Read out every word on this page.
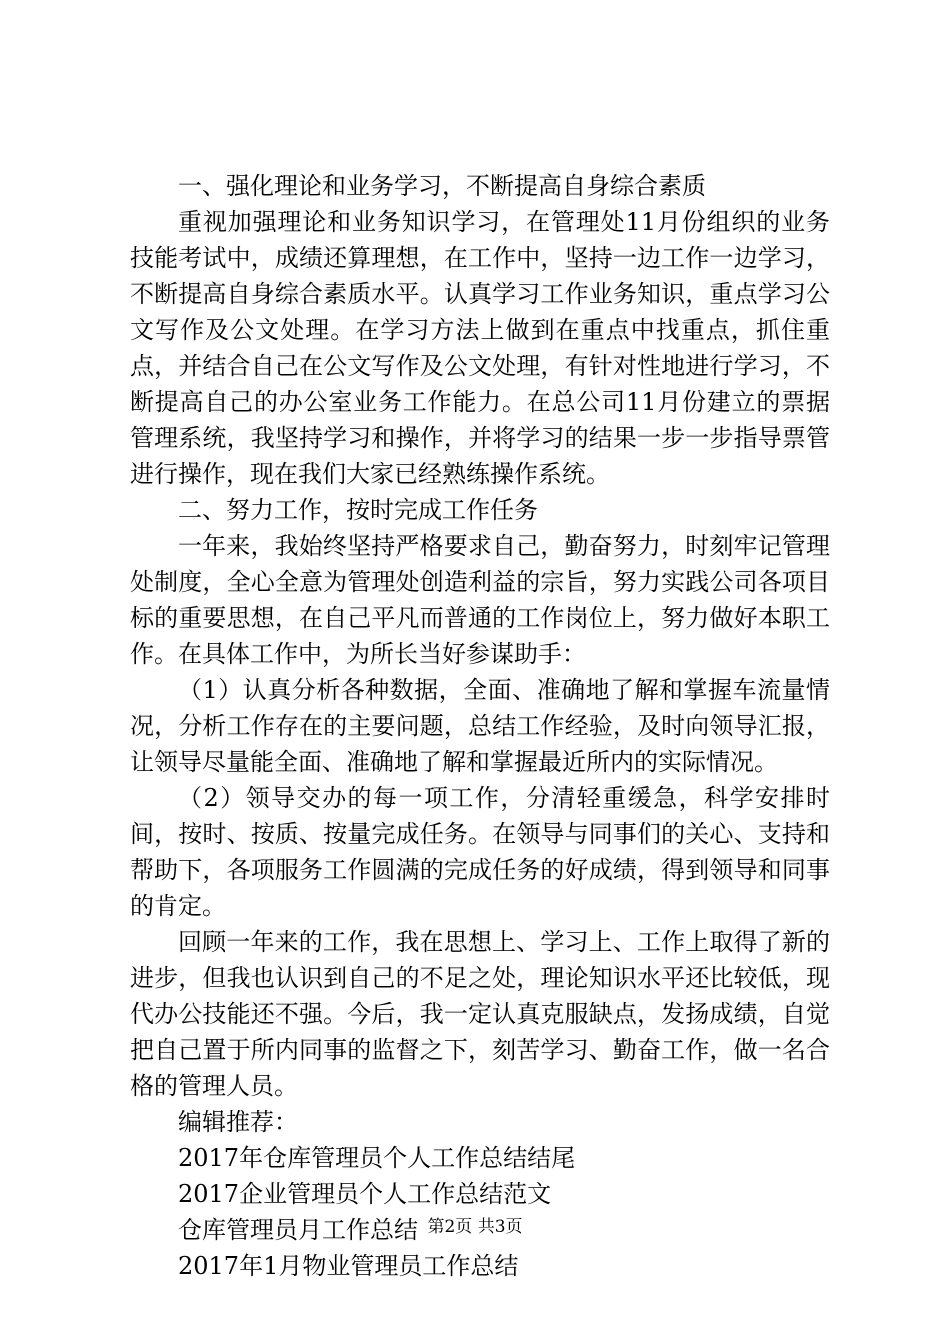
一、强化理论和业务学习，不断提高自身综合素质

重视加强理论和业务知识学习，在管理处11月份组织的业务技能考试中，成绩还算理想，在工作中，坚持一边工作一边学习，不断提高自身综合素质水平。认真学习工作业务知识，重点学习公文写作及公文处理。在学习方法上做到在重点中找重点，抓住重点，并结合自己在公文写作及公文处理，有针对性地进行学习，不断提高自己的办公室业务工作能力。在总公司11月份建立的票据管理系统，我坚持学习和操作，并将学习的结果一步一步指导票管进行操作，现在我们大家已经熟练操作系统。

二、努力工作，按时完成工作任务

一年来，我始终坚持严格要求自己，勤奋努力，时刻牢记管理处制度，全心全意为管理处创造利益的宗旨，努力实践公司各项目标的重要思想，在自己平凡而普通的工作岗位上，努力做好本职工作。在具体工作中，为所长当好参谋助手：

（1）认真分析各种数据，全面、准确地了解和掌握车流量情况，分析工作存在的主要问题，总结工作经验，及时向领导汇报，让领导尽量能全面、准确地了解和掌握最近所内的实际情况。

（2）领导交办的每一项工作，分清轻重缓急，科学安排时间，按时、按质、按量完成任务。在领导与同事们的关心、支持和帮助下，各项服务工作圆满的完成任务的好成绩，得到领导和同事的肯定。

回顾一年来的工作，我在思想上、学习上、工作上取得了新的进步，但我也认识到自己的不足之处，理论知识水平还比较低，现代办公技能还不强。今后，我一定认真克服缺点，发扬成绩，自觉把自己置于所内同事的监督之下，刻苦学习、勤奋工作，做一名合格的管理人员。

编辑推荐：

2017年仓库管理员个人工作总结结尾
2017企业管理员个人工作总结范文
仓库管理员月工作总结
2017年1月物业管理员工作总结
第2页 共3页
